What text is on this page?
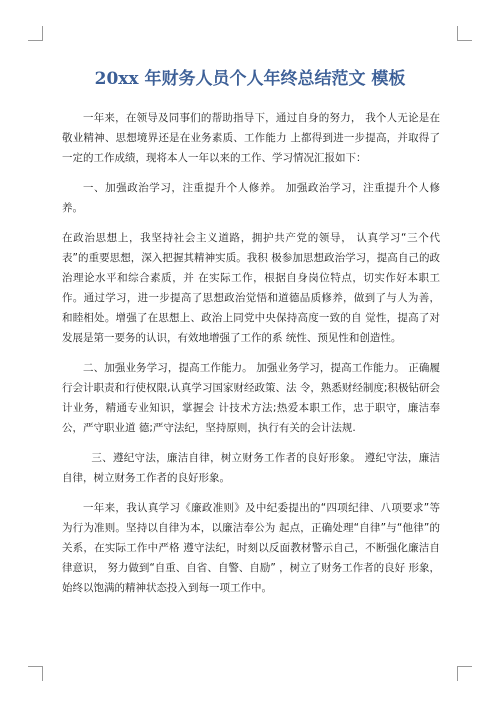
20xx 年财务人员个人年终总结范文 模板

一年来，在领导及同事们的帮助指导下，通过自身的努力， 我个人无论是在敬业精神、思想境界还是在业务素质、工作能力 上都得到进一步提高，并取得了一定的工作成绩，现将本人一年以来的工作、学习情况汇报如下：

一、加强政治学习，注重提升个人修养。 加强政治学习，注重提升个人修养。

在政治思想上，我坚持社会主义道路，拥护共产党的领导， 认真学习“三个代表”的重要思想，深入把握其精神实质。我积 极参加思想政治学习，提高自己的政治理论水平和综合素质，并 在实际工作，根据自身岗位特点，切实作好本职工作。通过学习，进一步提高了思想政治觉悟和道德品质修养，做到了与人为善， 和睦相处。增强了在思想上、政治上同党中央保持高度一致的自 觉性，提高了对发展是第一要务的认识，有效地增强了工作的系 统性、预见性和创造性。

二、加强业务学习，提高工作能力。 加强业务学习，提高工作能力。 正确履行会计职责和行使权限,认真学习国家财经政策、法 令，熟悉财经制度;积极钻研会计业务，精通专业知识，掌握会 计技术方法;热爱本职工作，忠于职守，廉洁奉公，严守职业道 德;严守法纪，坚持原则，执行有关的会计法规.

三、遵纪守法，廉洁自律，树立财务工作者的良好形象。 遵纪守法，廉洁自律，树立财务工作者的良好形象。

一年来，我认真学习《廉政准则》及中纪委提出的“四项纪律、八项要求”等为行为准则。坚持以自律为本，以廉洁奉公为 起点，正确处理“自律”与“他律”的关系，在实际工作中严格 遵守法纪，时刻以反面教材警示自己，不断强化廉洁自律意识， 努力做到“自重、自省、自警、自励” ，树立了财务工作者的良好 形象，始终以饱满的精神状态投入到每一项工作中。
